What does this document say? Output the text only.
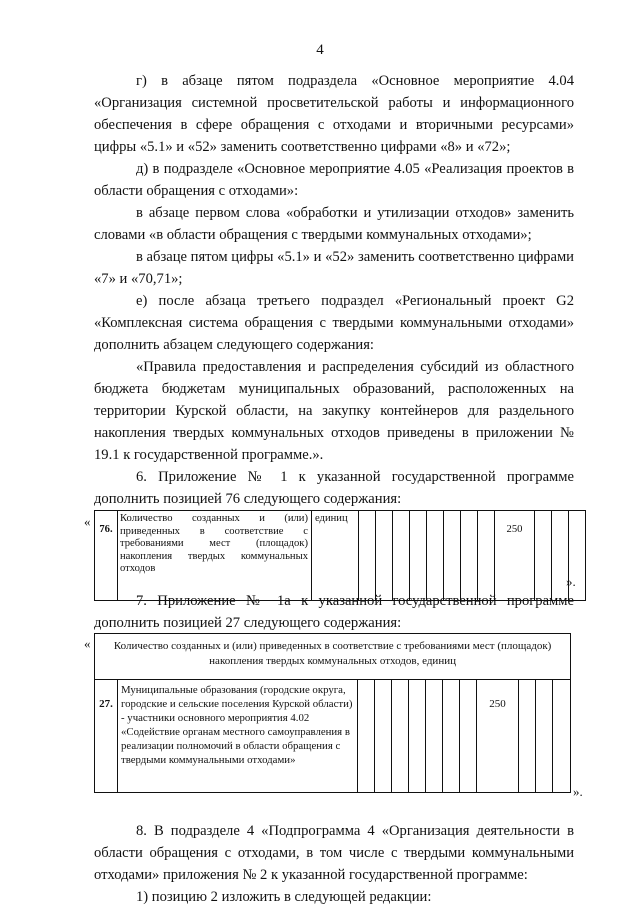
4
г) в абзаце пятом подраздела «Основное мероприятие 4.04 «Организация системной просветительской работы и информационного обеспечения в сфере обращения с отходами и вторичными ресурсами» цифры «5.1» и «52» заменить соответственно цифрами «8» и «72»;
д) в подразделе «Основное мероприятие 4.05 «Реализация проектов в области обращения с отходами»:
в абзаце первом слова «обработки и утилизации отходов» заменить словами «в области обращения с твердыми коммунальных отходами»;
в абзаце пятом цифры «5.1» и «52» заменить соответственно цифрами «7» и «70,71»;
е) после абзаца третьего подраздел «Региональный проект G2 «Комплексная система обращения с твердыми коммунальными отходами» дополнить абзацем следующего содержания:
«Правила предоставления и распределения субсидий из областного бюджета бюджетам муниципальных образований, расположенных на территории Курской области, на закупку контейнеров для раздельного накопления твердых коммунальных отходов приведены в приложении № 19.1 к государственной программе.».
6. Приложение № 1 к указанной государственной программе дополнить позицией 76 следующего содержания:
«
76.	Количество созданных и (или) приведенных в соответствие с требованиями мест (площадок) накопления твердых коммунальных отходов	единиц									250			
».
7. Приложение № 1а к указанной государственной программе дополнить позицией 27 следующего содержания:
« Количество созданных и (или) приведенных в соответствие с требованиями мест (площадок) накопления твердых коммунальных отходов, единиц
27.	Муниципальные образования (городские округа, городские и сельские поселения Курской области) - участники основного мероприятия 4.02 «Содействие органам местного самоуправления в реализации полномочий в области обращения с твердыми коммунальными отходами»								250			
».
8. В подразделе 4 «Подпрограмма 4 «Организация деятельности в области обращения с отходами, в том числе с твердыми коммунальными отходами» приложения № 2 к указанной государственной программе:
1) позицию 2 изложить в следующей редакции:
